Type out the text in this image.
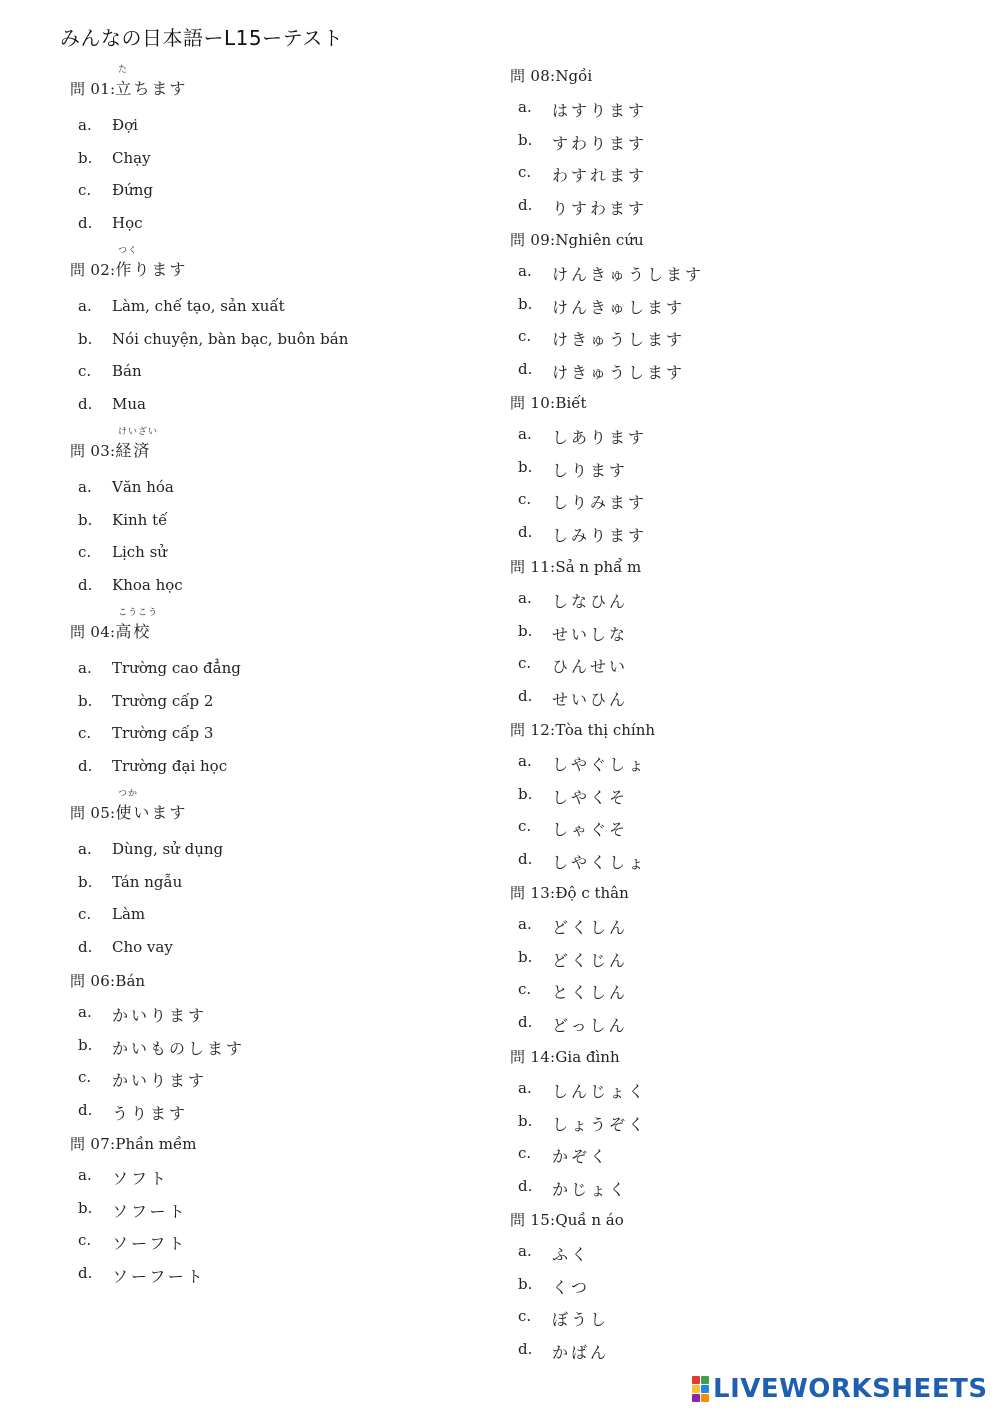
みんなの日本語ーL15ーテスト
問 01:立ちます
た
a.	Đợi
b.	Chạy
c.	Đứng
d.	Học
問 02:作ります
つく
a.	Làm, chế tạo, sản xuất
b.	Nói chuyện, bàn bạc, buôn bán
c.	Bán
d.	Mua
問 03:経済
けいざい
a.	Văn hóa
b.	Kinh tế
c.	Lịch sử
d.	Khoa học
問 04:高校
こうこう
a.	Trường cao đẳng
b.	Trường cấp 2
c.	Trường cấp 3
d.	Trường đại học
問 05:使います
つか
a.	Dùng, sử dụng
b.	Tán ngẫu
c.	Làm
d.	Cho vay
問 06:Bán
a.	かいります
b.	かいものします
c.	かいります
d.	うります
問 07:Phần mềm
a.	ソフト
b.	ソフート
c.	ソーフト
d.	ソーフート
問 08:Ngồi
a.	はすります
b.	すわります
c.	わすれます
d.	りすわます
問 09:Nghiên cứu
a.	けんきゅうします
b.	けんきゅします
c.	けきゅうします
d.	けきゅうします
問 10:Biết
a.	しあります
b.	しります
c.	しりみます
d.	しみります
問 11:Sả n phẩ m
a.	しなひん
b.	せいしな
c.	ひんせい
d.	せいひん
問 12:Tòa thị chính
a.	しやぐしょ
b.	しやくそ
c.	しゃぐそ
d.	しやくしょ
問 13:Độ c thân
a.	どくしん
b.	どくじん
c.	とくしん
d.	どっしん
問 14:Gia đình
a.	しんじょく
b.	しょうぞく
c.	かぞく
d.	かじょく
問 15:Quầ n áo
a.	ふく
b.	くつ
c.	ぼうし
d.	かばん
LIVEWORKSHEETS
